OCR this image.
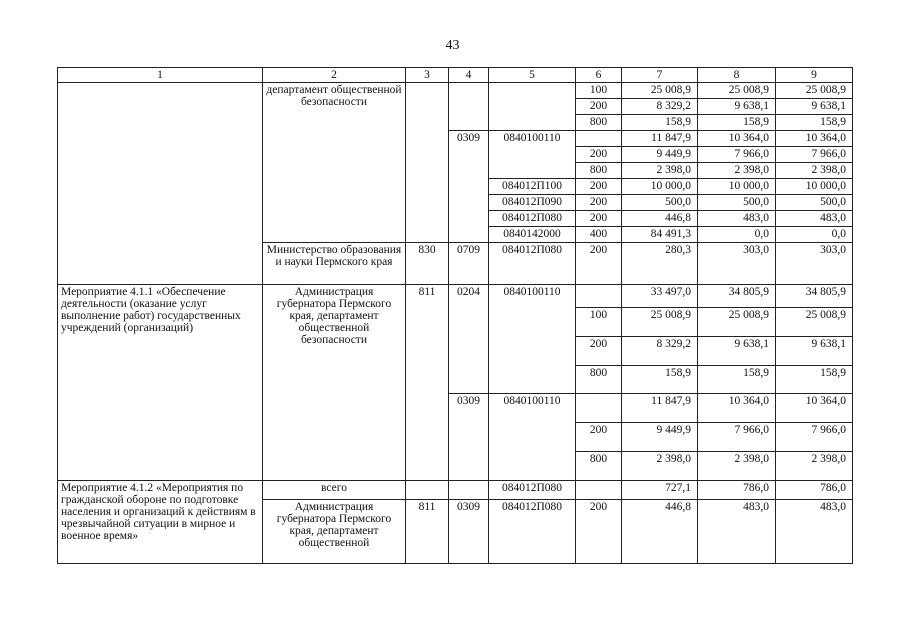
43
1	2	3	4	5	6	7	8	9
	департамент общественной безопасности				100	25 008,9	25 008,9	25 008,9
					200	8 329,2	9 638,1	9 638,1
					800	158,9	158,9	158,9
			0309	0840100110		11 847,9	10 364,0	10 364,0
					200	9 449,9	7 966,0	7 966,0
					800	2 398,0	2 398,0	2 398,0
				084012П100	200	10 000,0	10 000,0	10 000,0
				084012П090	200	500,0	500,0	500,0
				084012П080	200	446,8	483,0	483,0
				0840142000	400	84 491,3	0,0	0,0
	Министерство образования и науки Пермского края	830	0709	084012П080	200	280,3	303,0	303,0
Мероприятие 4.1.1 «Обеспечение деятельности (оказание услуг выполнение работ) государственных учреждений (организаций)	Администрация губернатора Пермского края, департамент общественной безопасности	811	0204	0840100110		33 497,0	34 805,9	34 805,9
					100	25 008,9	25 008,9	25 008,9
					200	8 329,2	9 638,1	9 638,1
					800	158,9	158,9	158,9
			0309	0840100110		11 847,9	10 364,0	10 364,0
					200	9 449,9	7 966,0	7 966,0
					800	2 398,0	2 398,0	2 398,0
Мероприятие 4.1.2 «Мероприятия по гражданской обороне по подготовке населения и организаций к действиям в чрезвычайной ситуации в мирное и военное время»	всего			084012П080		727,1	786,0	786,0
	Администрация губернатора Пермского края, департамент общественной	811	0309	084012П080	200	446,8	483,0	483,0
